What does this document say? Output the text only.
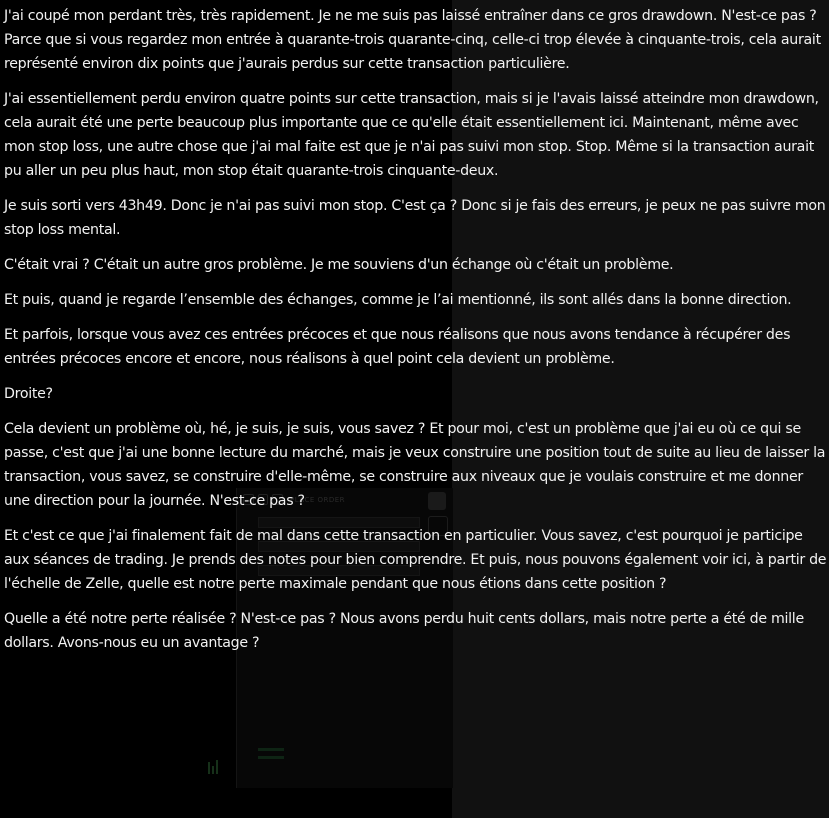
PLACE ORDER

J'ai coupé mon perdant très, très rapidement. Je ne me suis pas laissé entraîner dans ce gros drawdown. N'est-ce pas ? Parce que si vous regardez mon entrée à quarante-trois quarante-cinq, celle-ci trop élevée à cinquante-trois, cela aurait représenté environ dix points que j'aurais perdus sur cette transaction particulière.

J'ai essentiellement perdu environ quatre points sur cette transaction, mais si je l'avais laissé atteindre mon drawdown, cela aurait été une perte beaucoup plus importante que ce qu'elle était essentiellement ici. Maintenant, même avec mon stop loss, une autre chose que j'ai mal faite est que je n'ai pas suivi mon stop. Stop. Même si la transaction aurait pu aller un peu plus haut, mon stop était quarante-trois cinquante-deux.

Je suis sorti vers 43h49. Donc je n'ai pas suivi mon stop. C'est ça ? Donc si je fais des erreurs, je peux ne pas suivre mon stop loss mental.

C'était vrai ? C'était un autre gros problème. Je me souviens d'un échange où c'était un problème.

Et puis, quand je regarde l’ensemble des échanges, comme je l’ai mentionné, ils sont allés dans la bonne direction.

Et parfois, lorsque vous avez ces entrées précoces et que nous réalisons que nous avons tendance à récupérer des entrées précoces encore et encore, nous réalisons à quel point cela devient un problème.

Droite?

Cela devient un problème où, hé, je suis, je suis, vous savez ? Et pour moi, c'est un problème que j'ai eu où ce qui se passe, c'est que j'ai une bonne lecture du marché, mais je veux construire une position tout de suite au lieu de laisser la transaction, vous savez, se construire d'elle-même, se construire aux niveaux que je voulais construire et me donner une direction pour la journée. N'est-ce pas ?

Et c'est ce que j'ai finalement fait de mal dans cette transaction en particulier. Vous savez, c'est pourquoi je participe aux séances de trading. Je prends des notes pour bien comprendre. Et puis, nous pouvons également voir ici, à partir de l'échelle de Zelle, quelle est notre perte maximale pendant que nous étions dans cette position ?

Quelle a été notre perte réalisée ? N'est-ce pas ? Nous avons perdu huit cents dollars, mais notre perte a été de mille dollars. Avons-nous eu un avantage ?
